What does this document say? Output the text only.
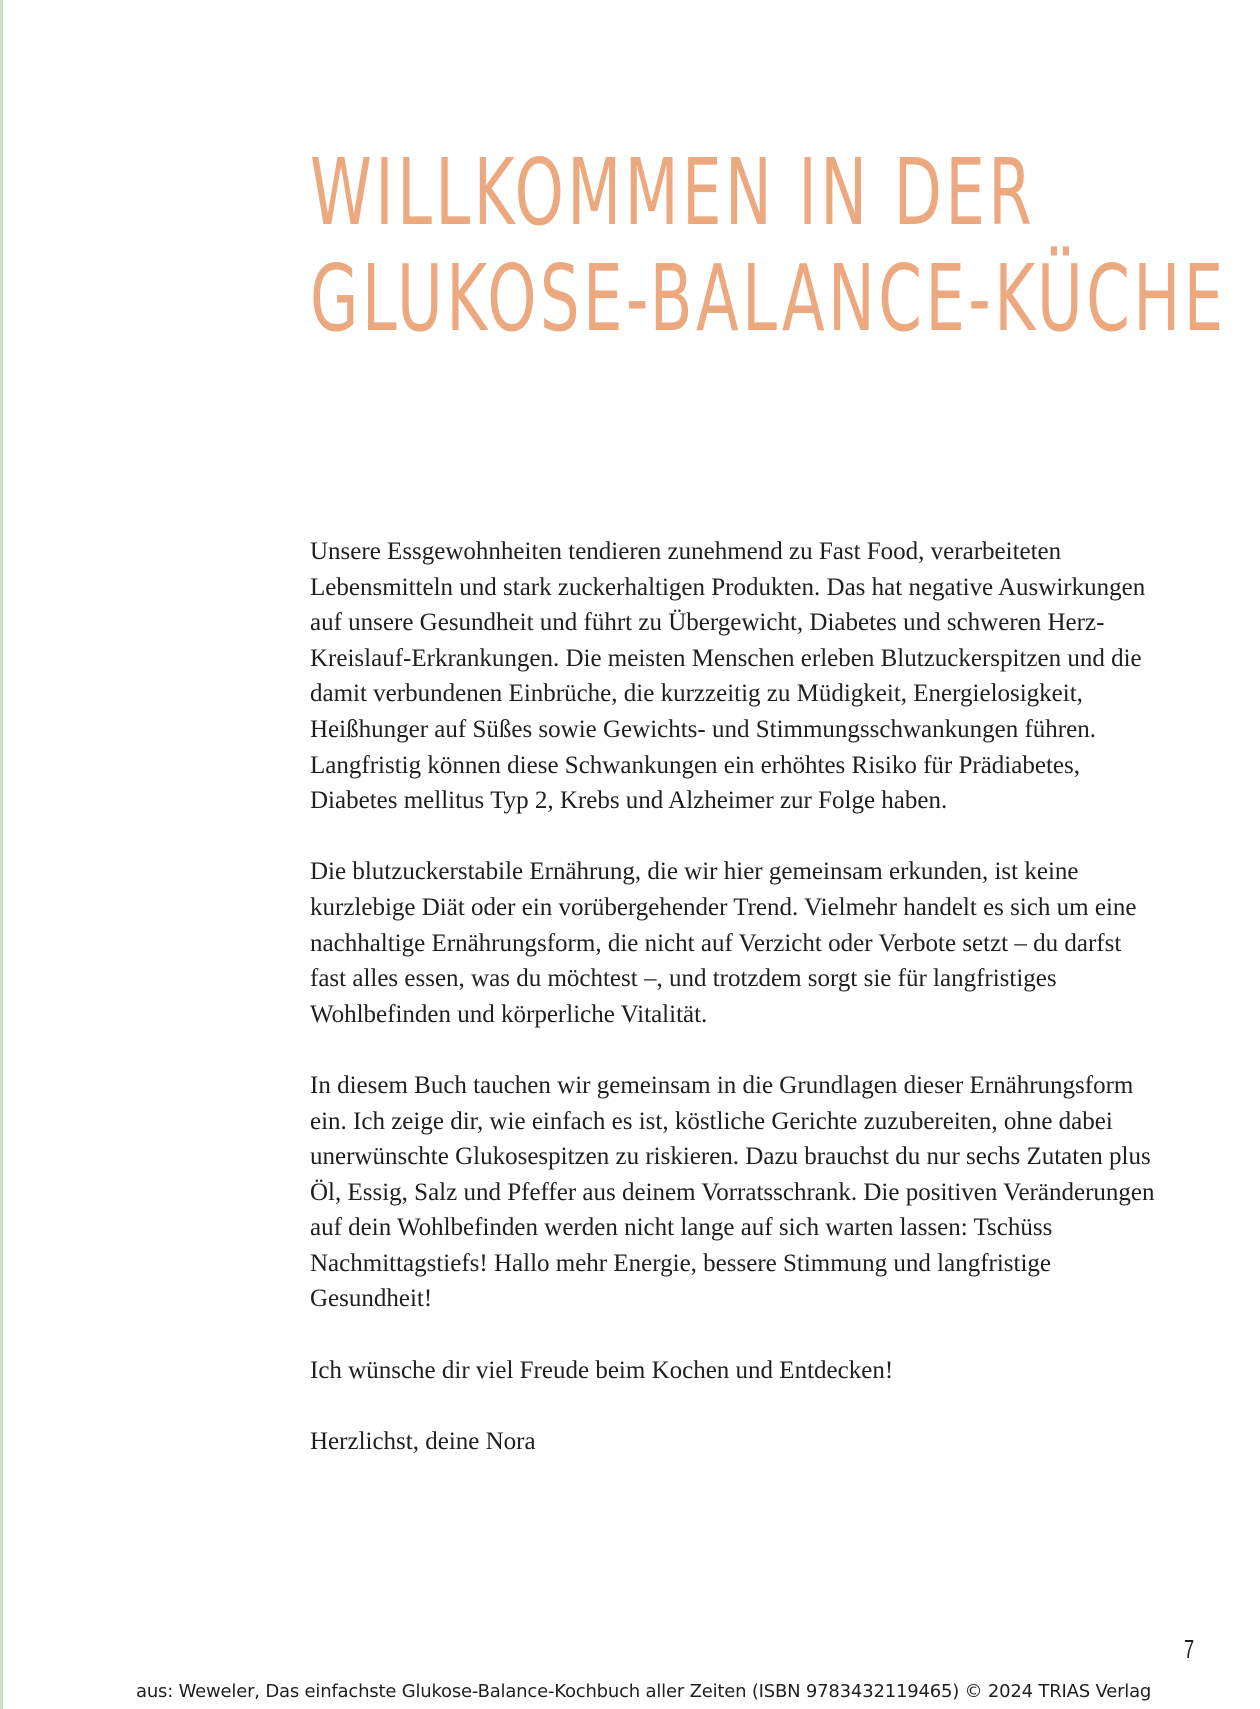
WILLKOMMEN IN DER
GLUKOSE-BALANCE-KÜCHE

Unsere Essgewohnheiten tendieren zunehmend zu Fast Food, verarbeiteten Lebensmitteln und stark zuckerhaltigen Produkten. Das hat negative Auswirkungen auf unsere Gesundheit und führt zu Übergewicht, Diabetes und schweren Herz-Kreislauf-Erkrankungen. Die meisten Menschen erleben Blutzuckerspitzen und die damit verbundenen Einbrüche, die kurzzeitig zu Müdigkeit, Energielosigkeit, Heißhunger auf Süßes sowie Gewichts- und Stimmungsschwankungen führen. Langfristig können diese Schwankungen ein erhöhtes Risiko für Prädiabetes, Diabetes mellitus Typ 2, Krebs und Alzheimer zur Folge haben.

Die blutzuckerstabile Ernährung, die wir hier gemeinsam erkunden, ist keine kurzlebige Diät oder ein vorübergehender Trend. Vielmehr handelt es sich um eine nachhaltige Ernährungsform, die nicht auf Verzicht oder Verbote setzt – du darfst fast alles essen, was du möchtest –, und trotzdem sorgt sie für langfristiges Wohlbefinden und körperliche Vitalität.

In diesem Buch tauchen wir gemeinsam in die Grundlagen dieser Ernährungsform ein. Ich zeige dir, wie einfach es ist, köstliche Gerichte zuzubereiten, ohne dabei unerwünschte Glukosespitzen zu riskieren. Dazu brauchst du nur sechs Zutaten plus Öl, Essig, Salz und Pfeffer aus deinem Vorratsschrank. Die positiven Veränderungen auf dein Wohlbefinden werden nicht lange auf sich warten lassen: Tschüss Nachmittagstiefs! Hallo mehr Energie, bessere Stimmung und langfristige Gesundheit!

Ich wünsche dir viel Freude beim Kochen und Entdecken!

Herzlichst, deine Nora

7
aus: Weweler, Das einfachste Glukose-Balance-Kochbuch aller Zeiten (ISBN 9783432119465) © 2024 TRIAS Verlag
